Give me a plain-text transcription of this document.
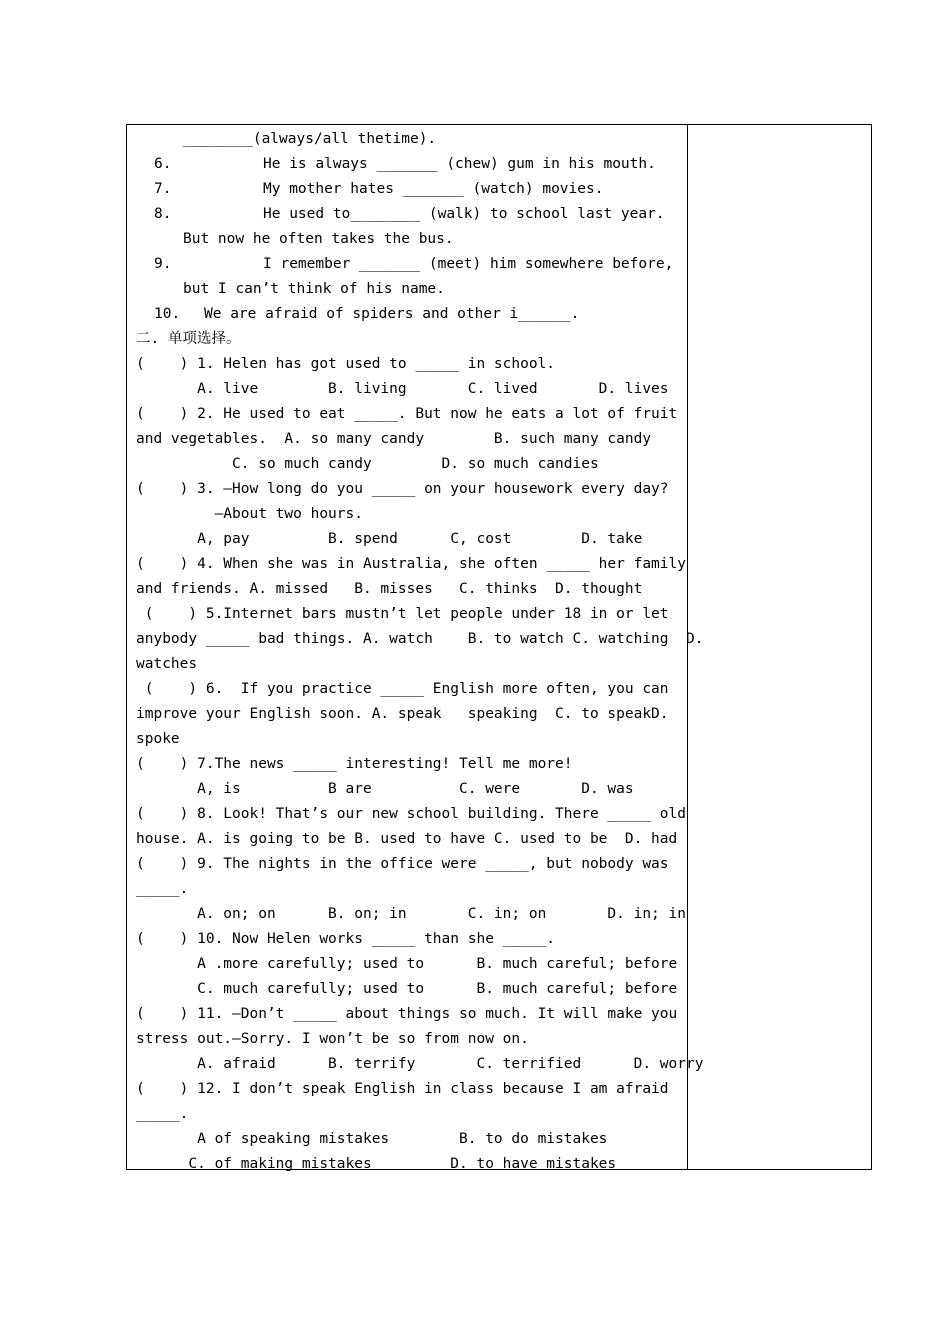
________(always/all thetime).
6.	He is always _______ (chew) gum in his mouth.
7.	My mother hates _______ (watch) movies.
8.	He used to________ (walk) to school last year.
But now he often takes the bus.
9.	I remember _______ (meet) him somewhere before,
but I can’t think of his name.
10. We are afraid of spiders and other i______.
二. 单项选择。
(    ) 1. Helen has got used to _____ in school.
A. live        B. living       C. lived       D. lives
(    ) 2. He used to eat _____. But now he eats a lot of fruit
and vegetables.  A. so many candy        B. such many candy
C. so much candy        D. so much candies
(    ) 3. —How long do you _____ on your housework every day?
—About two hours.
A, pay         B. spend      C, cost        D. take
(    ) 4. When she was in Australia, she often _____ her family
and friends. A. missed   B. misses   C. thinks  D. thought
(    ) 5.Internet bars mustn’t let people under 18 in or let
anybody _____ bad things. A. watch    B. to watch C. watching  D.
watches
(    ) 6.  If you practice _____ English more often, you can
improve your English soon. A. speak   speaking  C. to speakD.
spoke
(    ) 7.The news _____ interesting! Tell me more!
A, is          B are          C. were       D. was
(    ) 8. Look! That’s our new school building. There _____ old
house. A. is going to be B. used to have C. used to be  D. had
(    ) 9. The nights in the office were _____, but nobody was
_____.
A. on; on      B. on; in       C. in; on       D. in; in
(    ) 10. Now Helen works _____ than she _____.
A .more carefully; used to      B. much careful; before
C. much carefully; used to      B. much careful; before
(    ) 11. —Don’t _____ about things so much. It will make you
stress out.—Sorry. I won’t be so from now on.
A. afraid      B. terrify       C. terrified      D. worry
(    ) 12. I don’t speak English in class because I am afraid
_____.
A of speaking mistakes        B. to do mistakes
C. of making mistakes         D. to have mistakes
